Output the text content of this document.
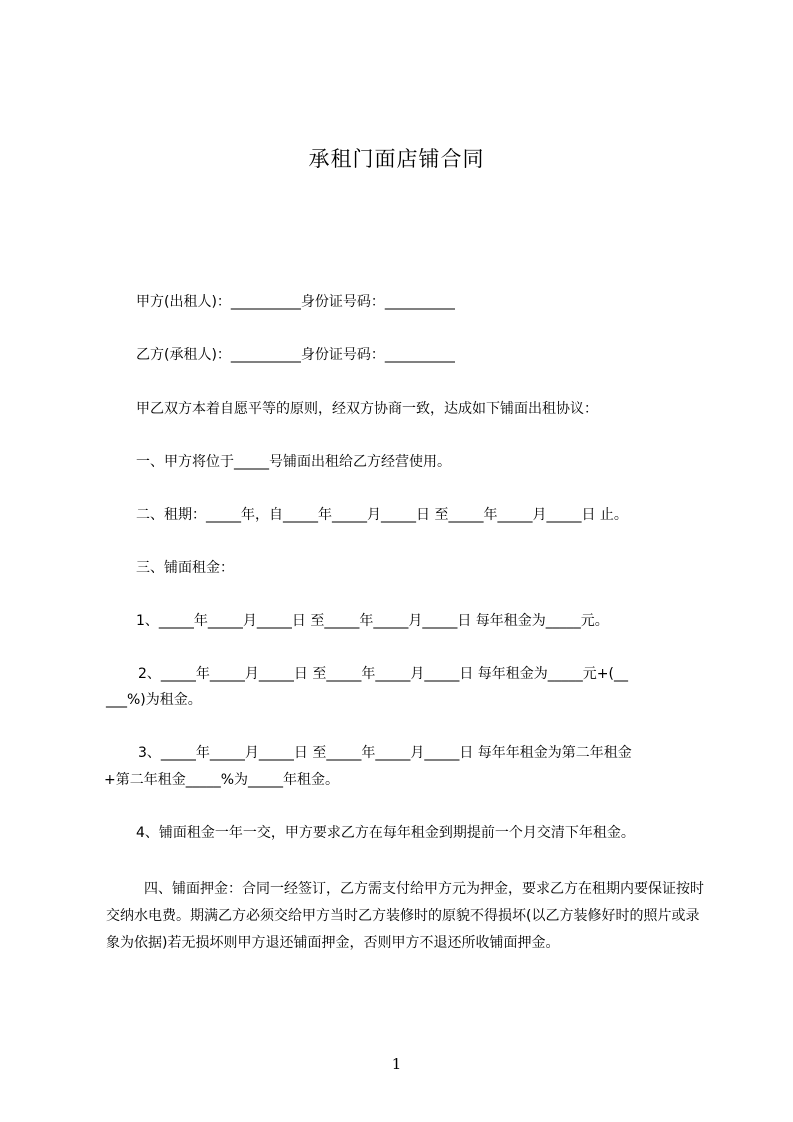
承租门面店铺合同
甲方(出租人)：__________身份证号码：__________
乙方(承租人)：__________身份证号码：__________
甲乙双方本着自愿平等的原则，经双方协商一致，达成如下铺面出租协议：
一、甲方将位于_____号铺面出租给乙方经营使用。
二、租期：_____年，自_____年_____月_____日 至_____年_____月_____日 止。
三、铺面租金：
1、_____年_____月_____日 至_____年_____月_____日 每年租金为_____元。
2、_____年_____月_____日 至_____年_____月_____日 每年租金为_____元+(__
___%)为租金。
3、_____年_____月_____日 至_____年_____月_____日 每年年租金为第二年租金
+第二年租金_____%为_____年租金。
4、铺面租金一年一交，甲方要求乙方在每年租金到期提前一个月交清下年租金。
四、铺面押金：合同一经签订，乙方需支付给甲方元为押金，要求乙方在租期内要保证按时交纳水电费。期满乙方必须交给甲方当时乙方装修时的原貌不得损坏(以乙方装修好时的照片或录象为依据)若无损坏则甲方退还铺面押金，否则甲方不退还所收铺面押金。
1
